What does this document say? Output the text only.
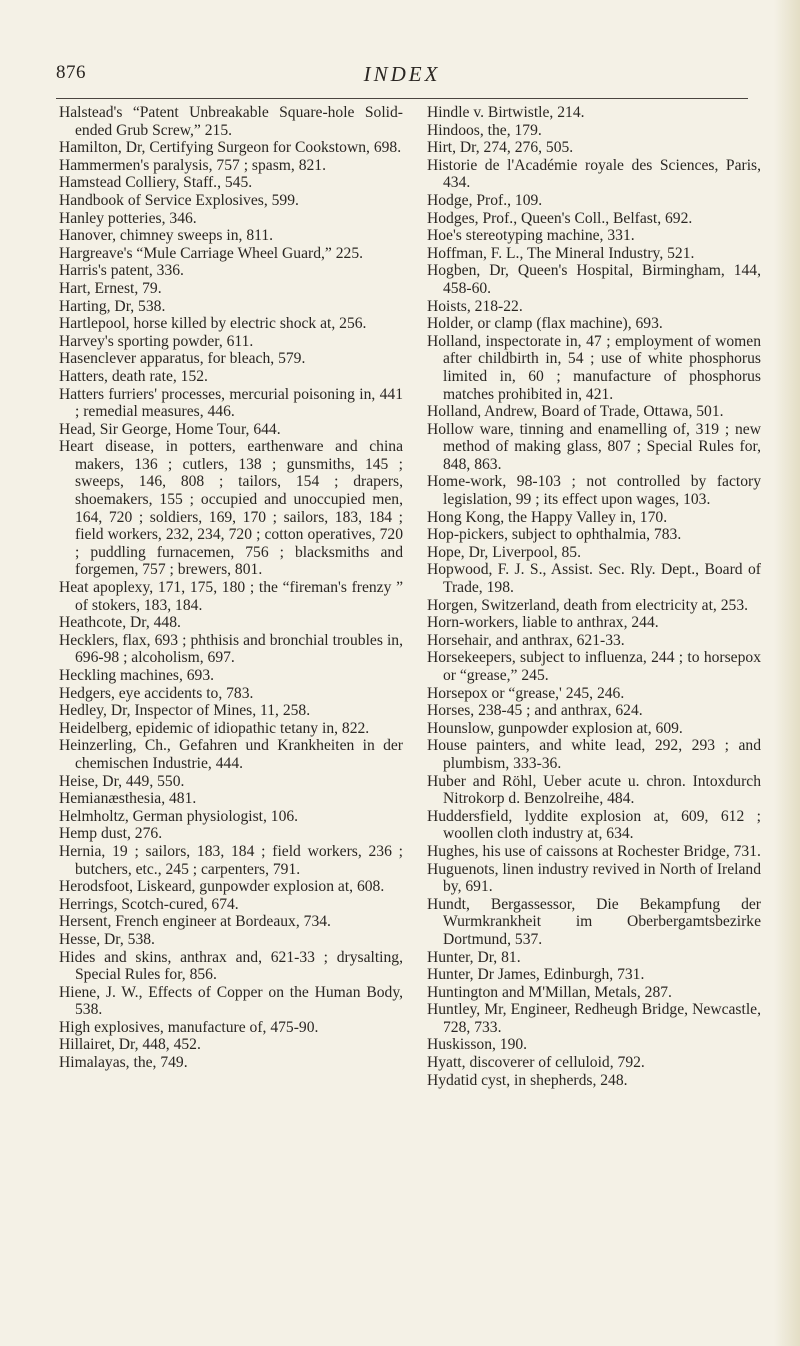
876	INDEX

Halstead's “Patent Unbreakable Square-hole Solid-ended Grub Screw,” 215.

Hamilton, Dr, Certifying Surgeon for Cookstown, 698.

Hammermen's paralysis, 757 ; spasm, 821.

Hamstead Colliery, Staff., 545.

Handbook of Service Explosives, 599.

Hanley potteries, 346.

Hanover, chimney sweeps in, 811.

Hargreave's “Mule Carriage Wheel Guard,” 225.

Harris's patent, 336.

Hart, Ernest, 79.

Harting, Dr, 538.

Hartlepool, horse killed by electric shock at, 256.

Harvey's sporting powder, 611.

Hasenclever apparatus, for bleach, 579.

Hatters, death rate, 152.

Hatters furriers' processes, mercurial poisoning in, 441 ; remedial measures, 446.

Head, Sir George, Home Tour, 644.

Heart disease, in potters, earthenware and china makers, 136 ; cutlers, 138 ; gunsmiths, 145 ; sweeps, 146, 808 ; tailors, 154 ; drapers, shoemakers, 155 ; occupied and unoccupied men, 164, 720 ; soldiers, 169, 170 ; sailors, 183, 184 ; field workers, 232, 234, 720 ; cotton operatives, 720 ; puddling furnacemen, 756 ; blacksmiths and forgemen, 757 ; brewers, 801.

Heat apoplexy, 171, 175, 180 ; the “fireman's frenzy ” of stokers, 183, 184.

Heathcote, Dr, 448.

Hecklers, flax, 693 ; phthisis and bronchial troubles in, 696-98 ; alcoholism, 697.

Heckling machines, 693.

Hedgers, eye accidents to, 783.

Hedley, Dr, Inspector of Mines, 11, 258.

Heidelberg, epidemic of idiopathic tetany in, 822.

Heinzerling, Ch., Gefahren und Krankheiten in der chemischen Industrie, 444.

Heise, Dr, 449, 550.

Hemianæsthesia, 481.

Helmholtz, German physiologist, 106.

Hemp dust, 276.

Hernia, 19 ; sailors, 183, 184 ; field workers, 236 ; butchers, etc., 245 ; carpenters, 791.

Herodsfoot, Liskeard, gunpowder explosion at, 608.

Herrings, Scotch-cured, 674.

Hersent, French engineer at Bordeaux, 734.

Hesse, Dr, 538.

Hides and skins, anthrax and, 621-33 ; drysalting, Special Rules for, 856.

Hiene, J. W., Effects of Copper on the Human Body, 538.

High explosives, manufacture of, 475-90.

Hillairet, Dr, 448, 452.

Himalayas, the, 749.

Hindle v. Birtwistle, 214.

Hindoos, the, 179.

Hirt, Dr, 274, 276, 505.

Historie de l'Académie royale des Sciences, Paris, 434.

Hodge, Prof., 109.

Hodges, Prof., Queen's Coll., Belfast, 692.

Hoe's stereotyping machine, 331.

Hoffman, F. L., The Mineral Industry, 521.

Hogben, Dr, Queen's Hospital, Birmingham, 144, 458-60.

Hoists, 218-22.

Holder, or clamp (flax machine), 693.

Holland, inspectorate in, 47 ; employment of women after childbirth in, 54 ; use of white phosphorus limited in, 60 ; manufacture of phosphorus matches prohibited in, 421.

Holland, Andrew, Board of Trade, Ottawa, 501.

Hollow ware, tinning and enamelling of, 319 ; new method of making glass, 807 ; Special Rules for, 848, 863.

Home-work, 98-103 ; not controlled by factory legislation, 99 ; its effect upon wages, 103.

Hong Kong, the Happy Valley in, 170.

Hop-pickers, subject to ophthalmia, 783.

Hope, Dr, Liverpool, 85.

Hopwood, F. J. S., Assist. Sec. Rly. Dept., Board of Trade, 198.

Horgen, Switzerland, death from electricity at, 253.

Horn-workers, liable to anthrax, 244.

Horsehair, and anthrax, 621-33.

Horsekeepers, subject to influenza, 244 ; to horsepox or “grease,” 245.

Horsepox or “grease,' 245, 246.

Horses, 238-45 ; and anthrax, 624.

Hounslow, gunpowder explosion at, 609.

House painters, and white lead, 292, 293 ; and plumbism, 333-36.

Huber and Röhl, Ueber acute u. chron. Intoxdurch Nitrokorp d. Benzolreihe, 484.

Huddersfield, lyddite explosion at, 609, 612 ; woollen cloth industry at, 634.

Hughes, his use of caissons at Rochester Bridge, 731.

Huguenots, linen industry revived in North of Ireland by, 691.

Hundt, Bergassessor, Die Bekampfung der Wurmkrankheit im Oberbergamtsbezirke Dortmund, 537.

Hunter, Dr, 81.

Hunter, Dr James, Edinburgh, 731.

Huntington and M'Millan, Metals, 287.

Huntley, Mr, Engineer, Redheugh Bridge, Newcastle, 728, 733.

Huskisson, 190.

Hyatt, discoverer of celluloid, 792.

Hydatid cyst, in shepherds, 248.
